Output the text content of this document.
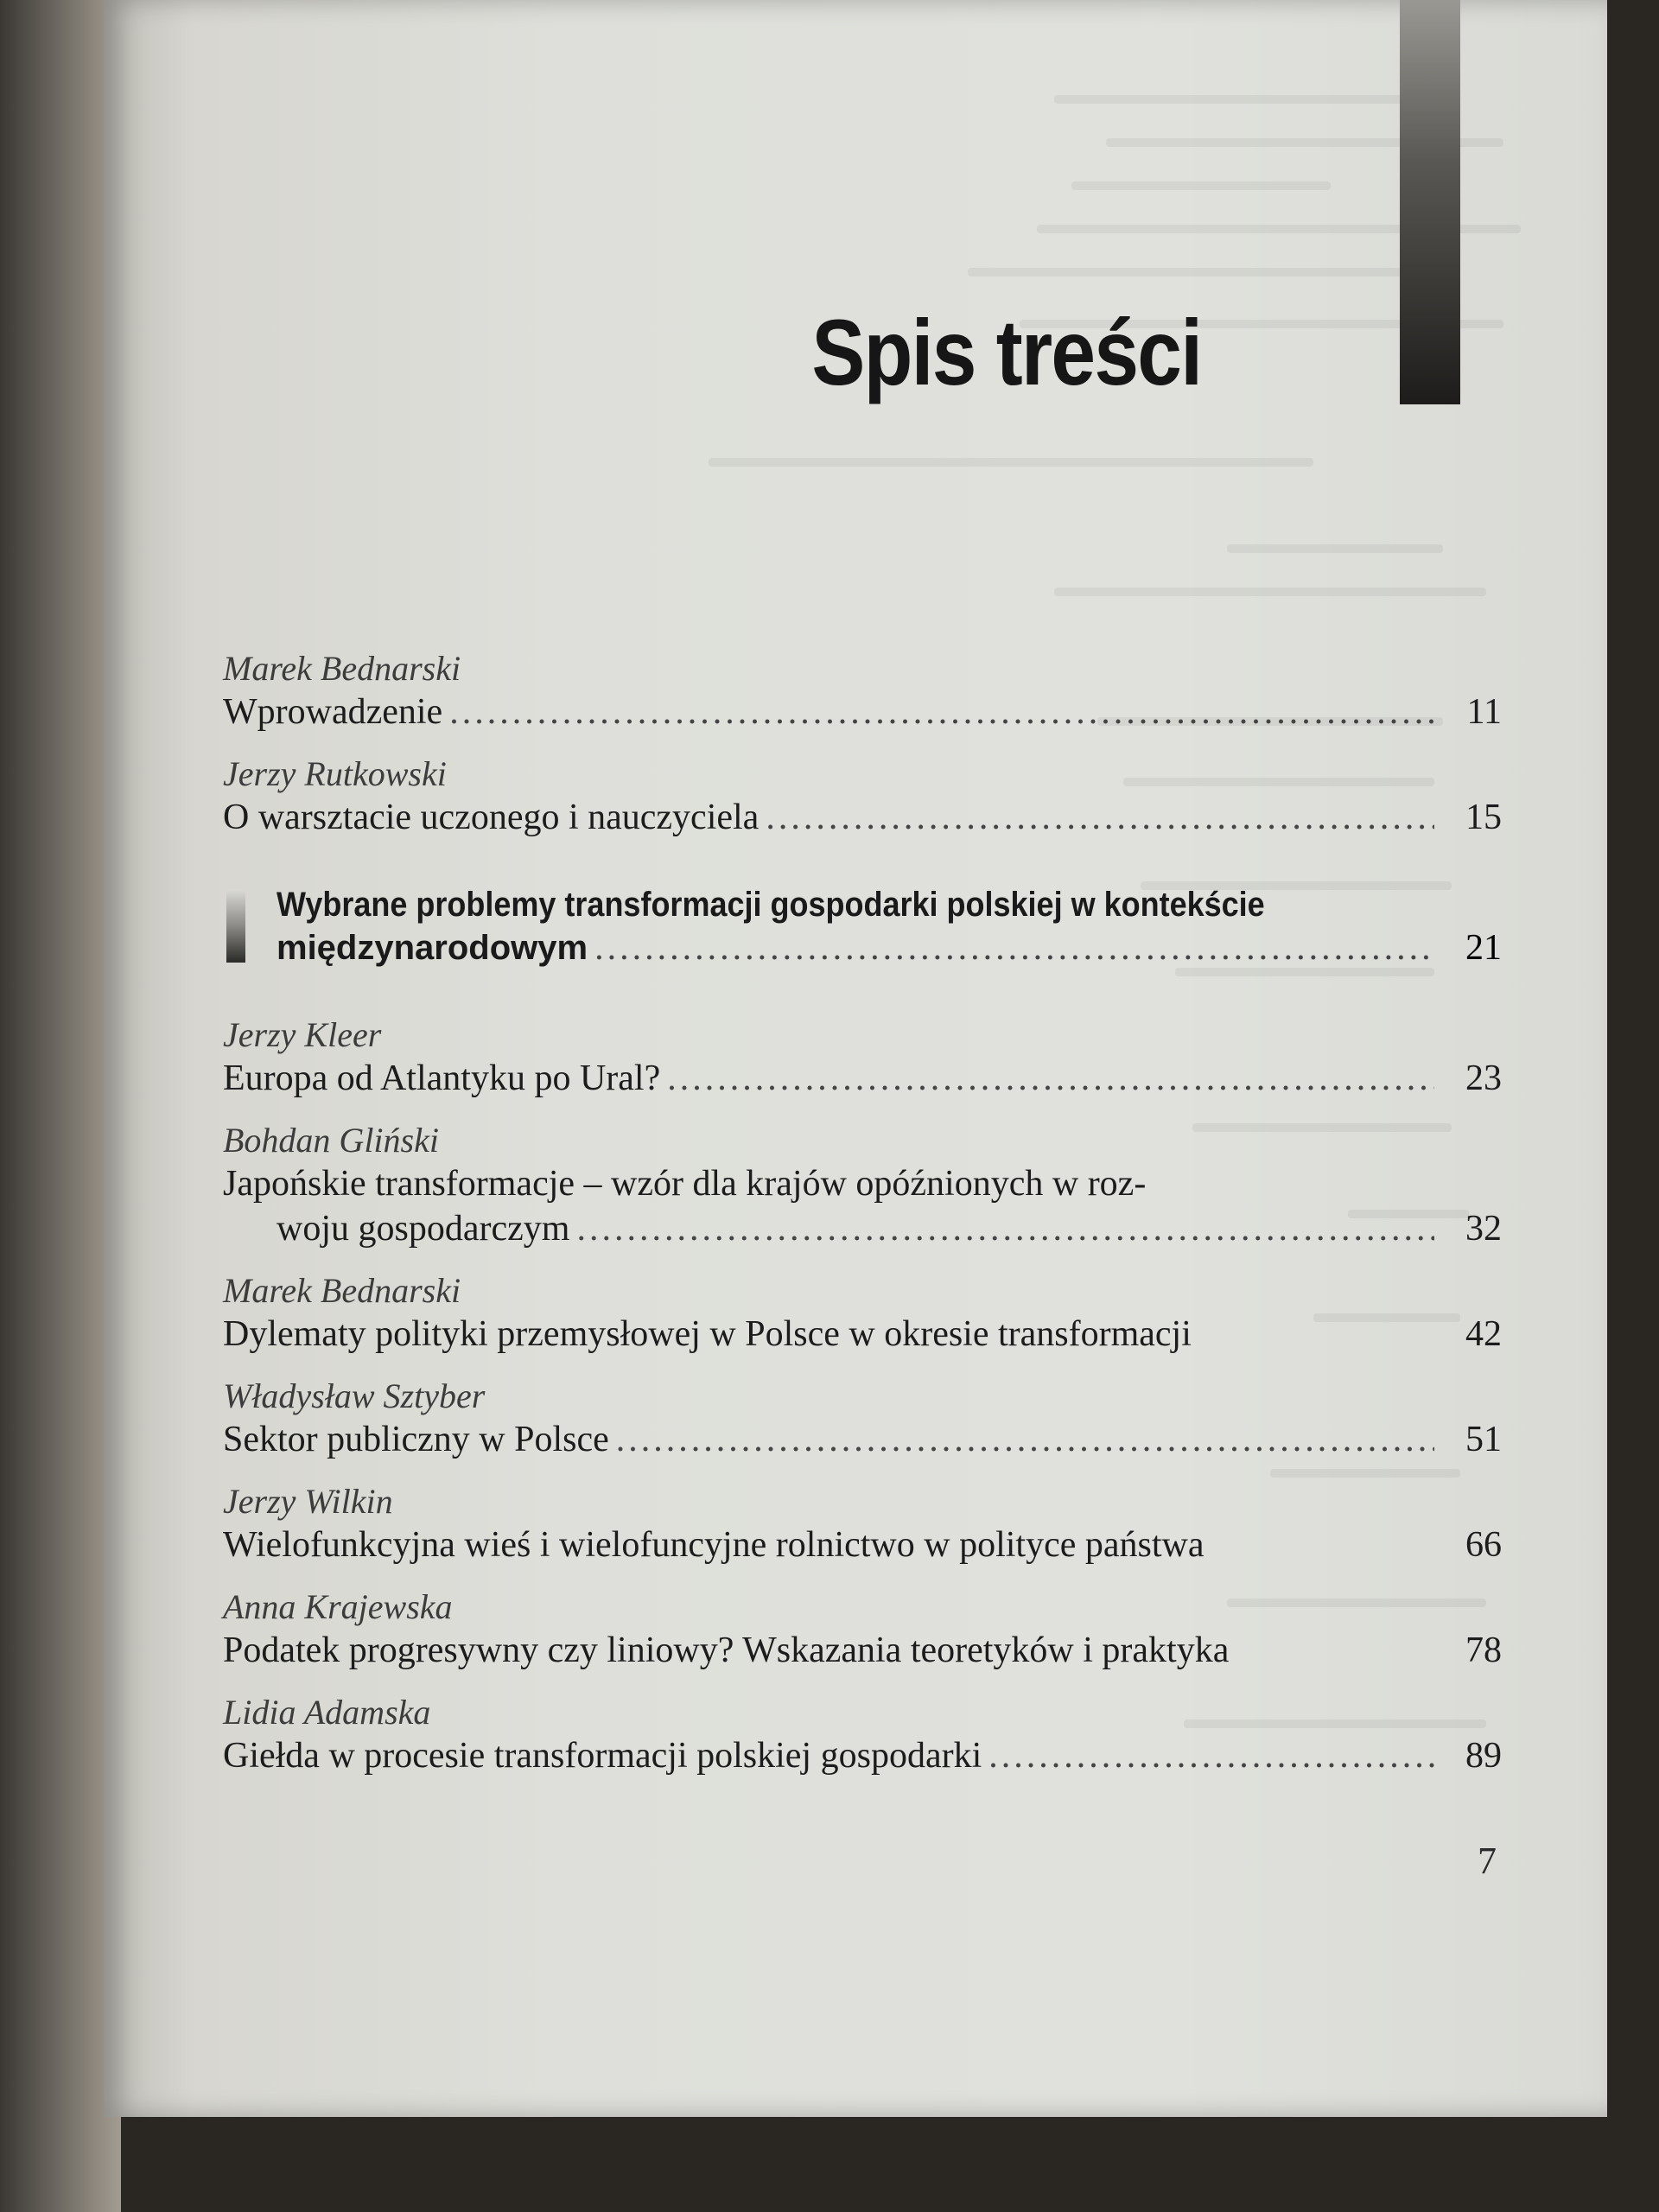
Spis treści
Marek Bednarski
Wprowadzenie .....	11
Jerzy Rutkowski
O warsztacie uczonego i nauczyciela .....	15
Wybrane problemy transformacji gospodarki polskiej w kontekście
międzynarodowym .....	21
Jerzy Kleer
Europa od Atlantyku po Ural? .....	23
Bohdan Gliński
Japońskie transformacje – wzór dla krajów opóźnionych w roz-
woju gospodarczym .....	32
Marek Bednarski
Dylematy polityki przemysłowej w Polsce w okresie transformacji	42
Władysław Sztyber
Sektor publiczny w Polsce .....	51
Jerzy Wilkin
Wielofunkcyjna wieś i wielofuncyjne rolnictwo w polityce państwa	66
Anna Krajewska
Podatek progresywny czy liniowy? Wskazania teoretyków i praktyka	78
Lidia Adamska
Giełda w procesie transformacji polskiej gospodarki .....	89
7
